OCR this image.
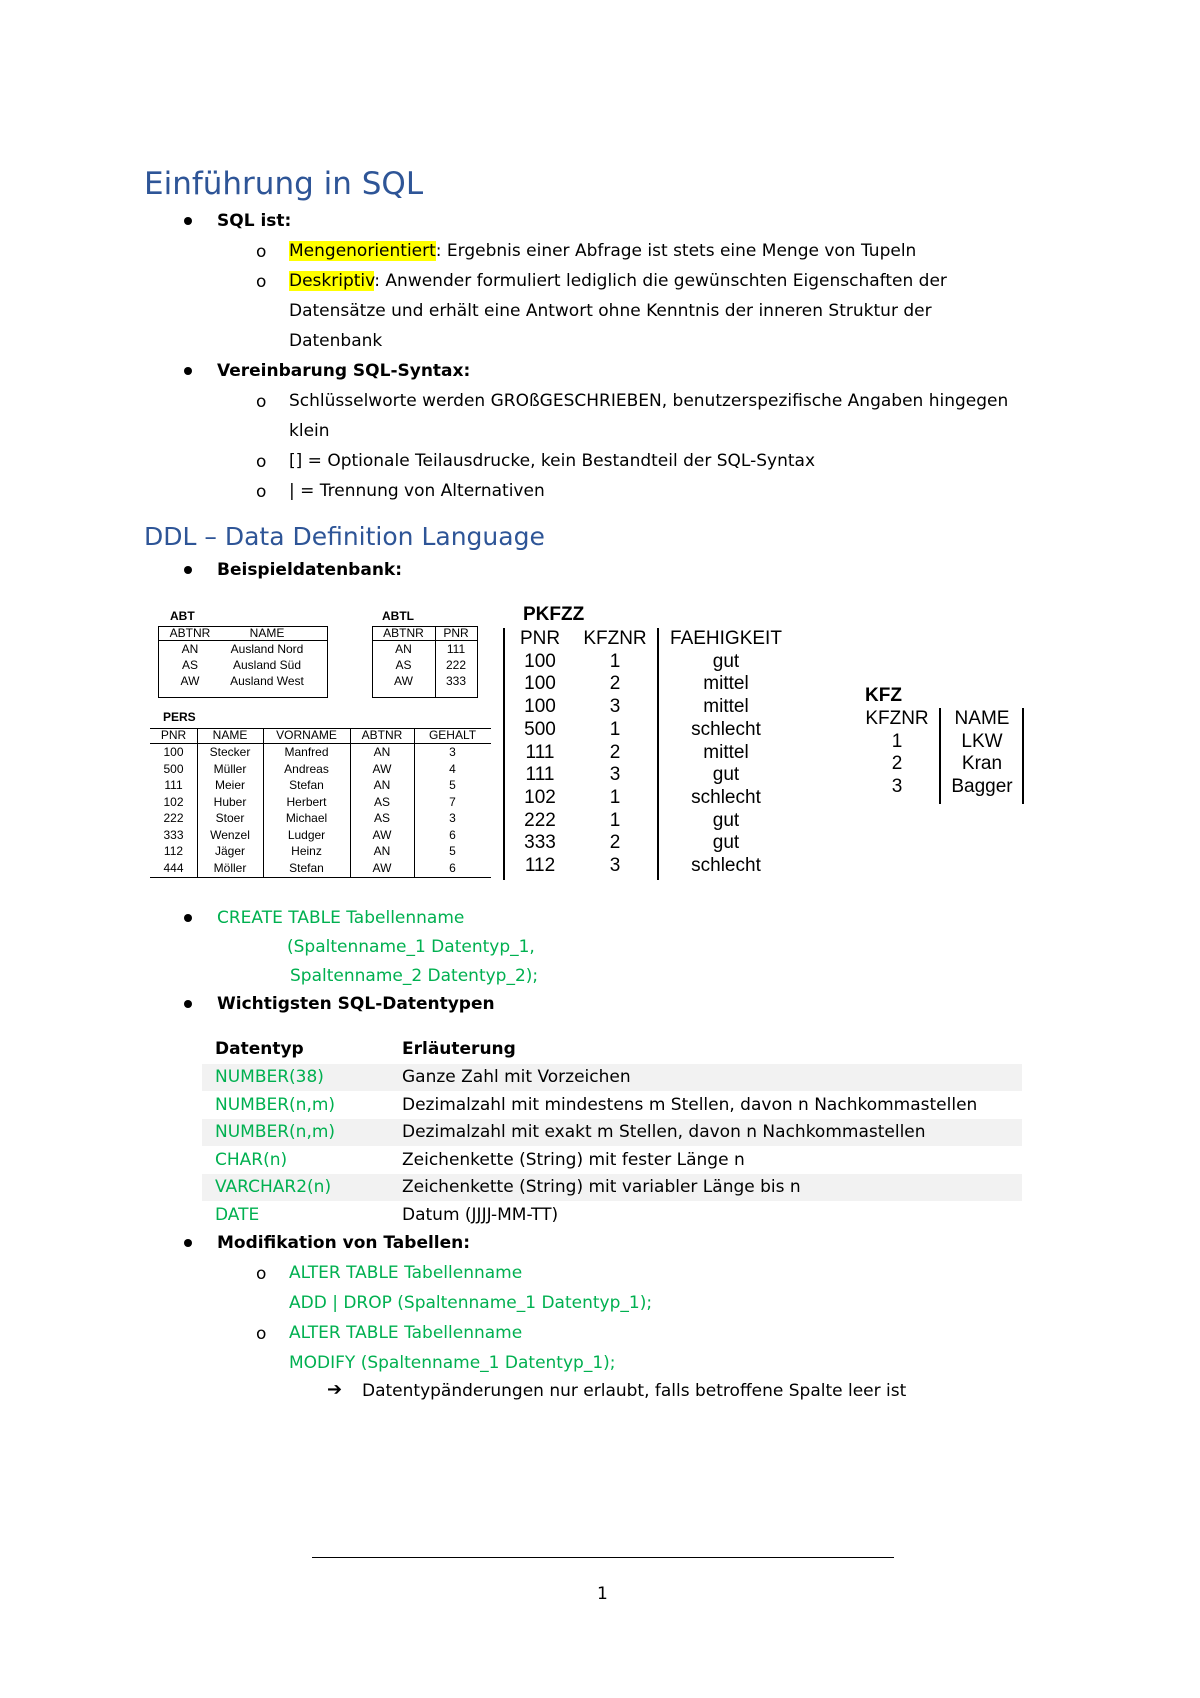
Einführung in SQL
SQL ist:
o Mengenorientiert: Ergebnis einer Abfrage ist stets eine Menge von Tupeln
o Deskriptiv: Anwender formuliert lediglich die gewünschten Eigenschaften der
Datensätze und erhält eine Antwort ohne Kenntnis der inneren Struktur der
Datenbank
Vereinbarung SQL-Syntax:
o Schlüsselworte werden GROßGESCHRIEBEN, benutzerspezifische Angaben hingegen
klein
o [] = Optionale Teilausdrucke, kein Bestandteil der SQL-Syntax
o | = Trennung von Alternativen
DDL – Data Definition Language
Beispieldatenbank:
ABT
ABTNR	NAME
AN	Ausland Nord
AS	Ausland Süd
AW	Ausland West
ABTL
ABTNR	PNR
AN	111
AS	222
AW	333
PERS
PNR	NAME	VORNAME	ABTNR	GEHALT
100	Stecker	Manfred	AN	3
500	Müller	Andreas	AW	4
111	Meier	Stefan	AN	5
102	Huber	Herbert	AS	7
222	Stoer	Michael	AS	3
333	Wenzel	Ludger	AW	6
112	Jäger	Heinz	AN	5
444	Möller	Stefan	AW	6
PKFZZ
PNR	KFZNR	FAEHIGKEIT
100	1	gut
100	2	mittel
100	3	mittel
500	1	schlecht
111	2	mittel
111	3	gut
102	1	schlecht
222	1	gut
333	2	gut
112	3	schlecht
KFZ
KFZNR	NAME
1	LKW
2	Kran
3	Bagger
CREATE TABLE Tabellenname
(Spaltenname_1 Datentyp_1,
Spaltenname_2 Datentyp_2);
Wichtigsten SQL-Datentypen
Datentyp	Erläuterung
NUMBER(38)	Ganze Zahl mit Vorzeichen
NUMBER(n,m)	Dezimalzahl mit mindestens m Stellen, davon n Nachkommastellen
NUMBER(n,m)	Dezimalzahl mit exakt m Stellen, davon n Nachkommastellen
CHAR(n)	Zeichenkette (String) mit fester Länge n
VARCHAR2(n)	Zeichenkette (String) mit variabler Länge bis n
DATE	Datum (JJJJ-MM-TT)
Modifikation von Tabellen:
o ALTER TABLE Tabellenname
ADD | DROP (Spaltenname_1 Datentyp_1);
o ALTER TABLE Tabellenname
MODIFY (Spaltenname_1 Datentyp_1);
➔ Datentypänderungen nur erlaubt, falls betroffene Spalte leer ist
1
